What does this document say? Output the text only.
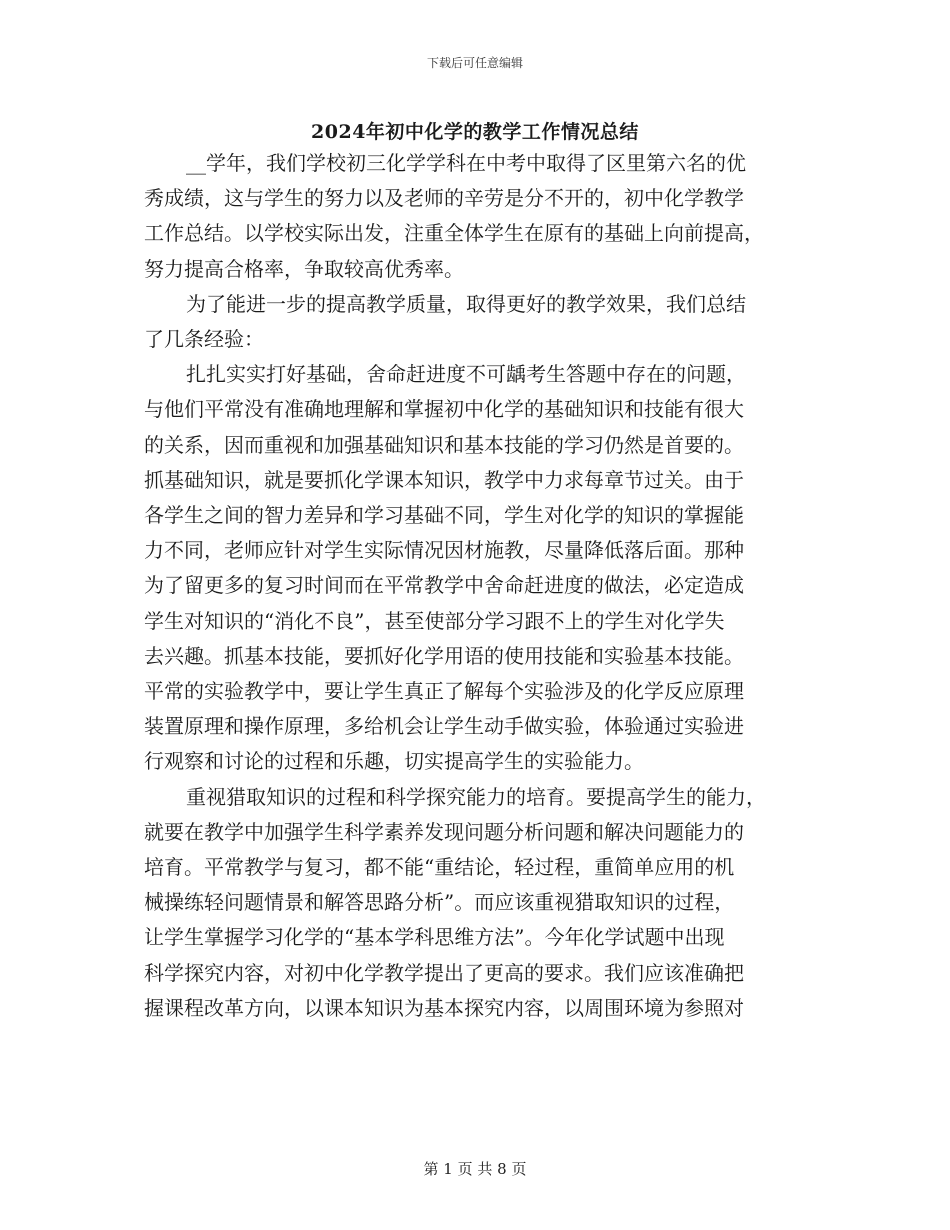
下载后可任意编辑
2024年初中化学的教学工作情况总结
__学年，我们学校初三化学学科在中考中取得了区里第六名的优
秀成绩，这与学生的努力以及老师的辛劳是分不开的，初中化学教学
工作总结。以学校实际出发，注重全体学生在原有的基础上向前提高，
努力提高合格率，争取较高优秀率。
为了能进一步的提高教学质量，取得更好的教学效果，我们总结
了几条经验：
扎扎实实打好基础，舍命赶进度不可龋考生答题中存在的问题，
与他们平常没有准确地理解和掌握初中化学的基础知识和技能有很大
的关系，因而重视和加强基础知识和基本技能的学习仍然是首要的。
抓基础知识，就是要抓化学课本知识，教学中力求每章节过关。由于
各学生之间的智力差异和学习基础不同，学生对化学的知识的掌握能
力不同，老师应针对学生实际情况因材施教，尽量降低落后面。那种
为了留更多的复习时间而在平常教学中舍命赶进度的做法，必定造成
学生对知识的“消化不良”，甚至使部分学习跟不上的学生对化学失
去兴趣。抓基本技能，要抓好化学用语的使用技能和实验基本技能。
平常的实验教学中，要让学生真正了解每个实验涉及的化学反应原理
装置原理和操作原理，多给机会让学生动手做实验，体验通过实验进
行观察和讨论的过程和乐趣，切实提高学生的实验能力。
重视猎取知识的过程和科学探究能力的培育。要提高学生的能力，
就要在教学中加强学生科学素养发现问题分析问题和解决问题能力的
培育。平常教学与复习，都不能“重结论，轻过程，重简单应用的机
械操练轻问题情景和解答思路分析”。而应该重视猎取知识的过程，
让学生掌握学习化学的“基本学科思维方法”。今年化学试题中出现
科学探究内容，对初中化学教学提出了更高的要求。我们应该准确把
握课程改革方向，以课本知识为基本探究内容，以周围环境为参照对
第 1 页 共 8 页
